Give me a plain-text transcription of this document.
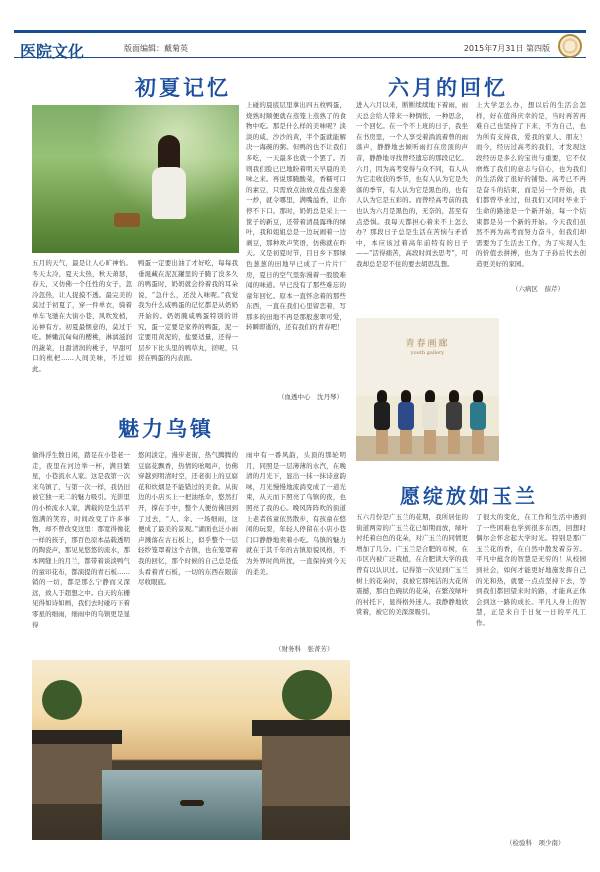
医院文化	版面编辑：戴菊英	2015年7月31日 第四版
初夏记忆	六月的回忆
五月的天气，最是让人心旷神怡。冬天太冷，夏天太热，秋天萧瑟，春天，又仿佛一个任性的女子，忽冷忽热，让人捉摸不透。最完美的莫过于初夏了，穿一件单衣，骑着单车飞驰在大街小巷，风吹发梢，沁神有方。初夏最惬意的，莫过于吃。鲜嫩沉甸甸的樱桃，淋漓滋润的蔬菜，日甜清润的桃子，早甜可口的枇杷……人间美味，不过如此。
鸭蛋一定要出油了才好吃，每每我垂涎藏在泥瓦罐里的子腌了没多久的鸭蛋时，奶奶就会拎着我的耳朵说，“急什么，还没入味呢。”我觉我为什么咸鸭蛋的记忆都是从奶奶开始的。奶奶腌咸鸭蛋特别的讲究，蛋一定要是家养的鸭蛋，泥一定要用黄泥的，盐要适量，还得一层步下比头里的鸭草丸，搓呢，只搓在鸭蛋的内表面。
上碰的晨底层里拿出四五枚鸭蛋，烧熟时顺便就在蒸笼上蒸熟了的食物中吃。那是什么样的美味呢？淡淡的咸，沙沙的黄，半个蛋就能解决一海碗的粥。但鸭的也不让我们多吃，一天最多也就一个罢了。否则我们脸已巴地盼着明天早晨的美味之来。再说那腌酸菜，香糯可口的素豆，只需放点油放点盐点葱姜一炒，就令哪里，满嘴溢香，让你停不下口。那时，奶奶总是采上一筐子的新豆，还带着清晨露珠的绿叶，我和姐姐总是一边玩闹着一边剥豆，那种欢声笑语，仿佛就在昨天。又是初夏时节，目日乡下那绿色葱葱的田地早已成了一片片厂房，夏日的空气里弥漫着一股股难闻的味道。早已没有了那些难忘的童年回忆。原本一直怀念着的那些东西，一直在我们心里留恋着，写那多的田地不再是那般葱翠可爱，转瞬即逝的，还有我们的青春吧！
（血透中心　沈丹琴）
进入六月以来，断断续续地下着雨，雨天总会给人带来一种惆怅，一种思念，一个回忆。在一个不上班的日子，我坐在书房里，一个人享受着淌流着曾的雨落声，静静地去倾听雨打在房顶的声音，静静地寻找曾经遗忘的那段记忆。六月，因为高考变得与众不同，有人从为它走收获的季节，也有人认为它是失落的季节，有人认为它是黑色的，也有人认为它是五彩的。而曾经高考前的我也认为六月是黑色的，无奈的，甚至有点恐惧。我每天都担心着来不上怎么办？那段日子总是生活在苦恼与矛盾中，本应该过着高年前特有的日子——“活得痛苦，高段时间去思考”，可我却总是忍不住的要去胡思乱想。
上大学怎么办，想以后的生活会怎样，好在值得庆幸的是，当时再苦再难自己也坚持了下来，不为自己，也为所有支持我，爱我的家人、朋友！而今，经历过高考的我们，才发现这段经历是多么的宝贵与重要，它不仅磨炼了我们的意志与信心，也为我们的生活做了很好的铺垫。高考已不再是奋斗的结束，而是另一个开始，我们都曾毕业过，但我们又同时毕业于生命的路途是一个新开始，每一个结束都是另一个新的开始。今天我们虽然不再为高考而努力奋斗，但我们却需要为了生活去工作，为了实现人生的价值去拼搏，也为了子孙后代去创造更美好的家园。
（六病区　薛芹）
青春画廊
youth gallery
魅力乌镇
偷得浮生数日闲，踏足在小巷老一走，夜里在河边举一杯，满目繁星，小巷流水人家。这是我第一次来乌镇了，与第一次一样，我仍旧被它独一无二的魅力吸引。光影里的小桥流水人家，满载的是生活平饱满的笑容，时间改变了许多事物，却不曾改变这里：那宽得像花一样的孩子，那百色原本品载透明的陶瓷声，那见见悠悠的流水，那本网缝上的月兰，都带着谈淡鸭气的童印花布，都演提的青石板……销的一切，都是那么宁静而又深远，致人于超想之中。白天的东栅见得如诗如画，我们去时碰巧下着零星的细雨，细雨中的乌镇更是显得
悠闲淡定，漫步老街，热气腾腾的豆腐花飘香，热情的吆喝声，仿佛穿越到明清时空，还老街上的豆腐花和炊烟是不能错过的美食。从街边的小店买上一把油纸伞，悠然打开，撑在手中，整个人便仿佛回到了过去，“人、伞、一场细雨，这便成了最美的景观。”湖面也泛小雨声溅落在古石板上，似乎整个一层轻纱笼罩着这个古镇，也在笼罩着我的回忆，那个时候的自己总是低头看着青石板，一切的东西在眼前尽收眼底。
雨中有一番风韵，头顶的那轮明月，同照是一层薄薄的水汽，在晚清的月光下，显出一抹一抹诗意韵味，月光慢慢地流淌变成了一道光束，从天而下照亮了乌镇的夜，也照亮了我的心。晚风阵阵吹的街道上老者孩童依然散步，有孩童在悠闲的玩耍，年轻人停留在小店小巷门口静静地卖着小吃。乌镇的魅力就在于其千年的古镇原貌风格，不为外界时尚所扰，一直保持到今天的柔美。
（财务科　张菁芳）
愿绽放如玉兰
五六月份是广玉兰的花期，我所居住的街道两旁的广玉兰花已如期而放，绿叶衬托着白色的花朵，对广玉兰的同情更增加了几分。广玉兰是合肥的市树，在市区内被广泛栽植，在合肥读大学的我曾有以认识过。记得第一次见到广玉兰树上的花朵时，我被它那纯洁的大花所震撼，那白色碗状的花朵，在繁茂绿叶的衬托下，显得格外迷人。我静静地欣赏着，被它的美深深吸引。
了很大的变化，在工作和生活中遇到了一些困难也学到很多东西，回想时偶尔会怀念起大学时光。特别是那广玉兰花的香，在自然中散发着芬芳。平凡中蕴含的智慧是无穷的！从校园到社会，如何才能更好地施发挥自己的光和热，就要一点点坚持下去，等到我们都回望来时的路，才能真正体会到这一路的成长。平凡人身上的智慧，正是来自于日复一日的平凡工作。
（检验科　项少南）
